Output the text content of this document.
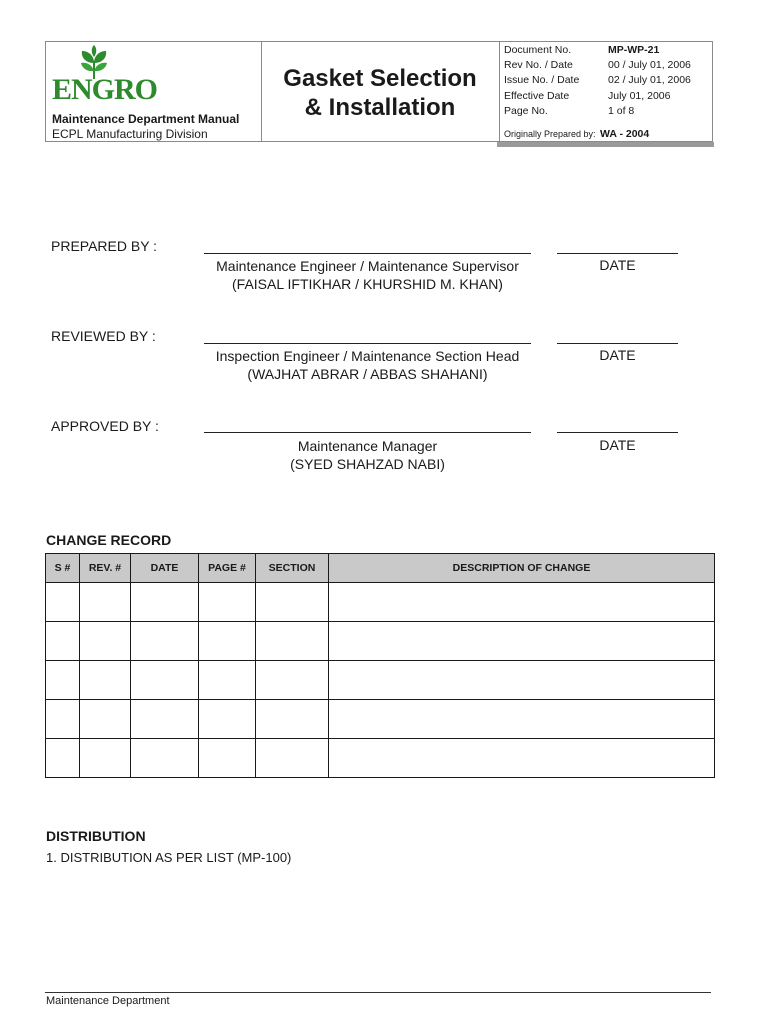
ENGRO
Maintenance Department Manual
ECPL Manufacturing Division
Gasket Selection
& Installation
Document No.	MP-WP-21
Rev No. / Date	00 / July 01, 2006
Issue No. / Date	02 / July 01, 2006
Effective Date	July 01, 2006
Page No.	1 of 8
Originally Prepared by: WA - 2004
PREPARED BY :
Maintenance Engineer / Maintenance Supervisor
(FAISAL IFTIKHAR / KHURSHID M. KHAN)
DATE
REVIEWED BY :
Inspection Engineer / Maintenance Section Head
(WAJHAT ABRAR / ABBAS SHAHANI)
DATE
APPROVED BY :
Maintenance Manager
(SYED SHAHZAD NABI)
DATE
CHANGE RECORD
S #	REV. #	DATE	PAGE #	SECTION	DESCRIPTION OF CHANGE

DISTRIBUTION
1. DISTRIBUTION AS PER LIST (MP-100)
Maintenance Department
